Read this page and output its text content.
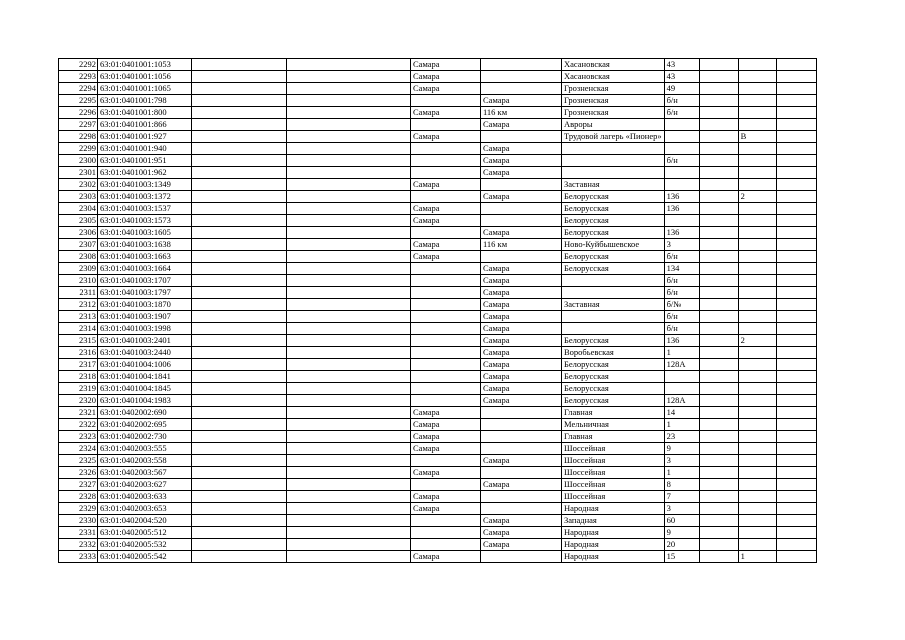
2292	63:01:0401001:1053			Самара		Хасановская	43			
2293	63:01:0401001:1056			Самара		Хасановская	43			
2294	63:01:0401001:1065			Самара		Грозненская	49			
2295	63:01:0401001:798				Самара	Грозненская	б/н			
2296	63:01:0401001:800			Самара	116 км	Грозненская	б/н			
2297	63:01:0401001:866				Самара	Авроры				
2298	63:01:0401001:927			Самара		Трудовой лагерь «Пионер»			В	
2299	63:01:0401001:940				Самара					
2300	63:01:0401001:951				Самара		б/н			
2301	63:01:0401001:962				Самара					
2302	63:01:0401003:1349			Самара		Заставная				
2303	63:01:0401003:1372				Самара	Белорусская	136		2	
2304	63:01:0401003:1537			Самара		Белорусская	136			
2305	63:01:0401003:1573			Самара		Белорусская				
2306	63:01:0401003:1605				Самара	Белорусская	136			
2307	63:01:0401003:1638			Самара	116 км	Ново-Куйбышевское	3			
2308	63:01:0401003:1663			Самара		Белорусская	б/н			
2309	63:01:0401003:1664				Самара	Белорусская	134			
2310	63:01:0401003:1707				Самара		б/н			
2311	63:01:0401003:1797				Самара		б/н			
2312	63:01:0401003:1870				Самара	Заставная	б/№			
2313	63:01:0401003:1907				Самара		б/н			
2314	63:01:0401003:1998				Самара		б/н			
2315	63:01:0401003:2401				Самара	Белорусская	136		2	
2316	63:01:0401003:2440				Самара	Воробьевская	1			
2317	63:01:0401004:1006				Самара	Белорусская	128А			
2318	63:01:0401004:1841				Самара	Белорусская				
2319	63:01:0401004:1845				Самара	Белорусская				
2320	63:01:0401004:1983				Самара	Белорусская	128А			
2321	63:01:0402002:690			Самара		Главная	14			
2322	63:01:0402002:695			Самара		Мельничная	1			
2323	63:01:0402002:730			Самара		Главная	23			
2324	63:01:0402003:555			Самара		Шоссейная	9			
2325	63:01:0402003:558				Самара	Шоссейная	3			
2326	63:01:0402003:567			Самара		Шоссейная	1			
2327	63:01:0402003:627				Самара	Шоссейная	8			
2328	63:01:0402003:633			Самара		Шоссейная	7			
2329	63:01:0402003:653			Самара		Народная	3			
2330	63:01:0402004:520				Самара	Западная	60			
2331	63:01:0402005:512				Самара	Народная	9			
2332	63:01:0402005:532				Самара	Народная	20			
2333	63:01:0402005:542			Самара		Народная	15		1	
